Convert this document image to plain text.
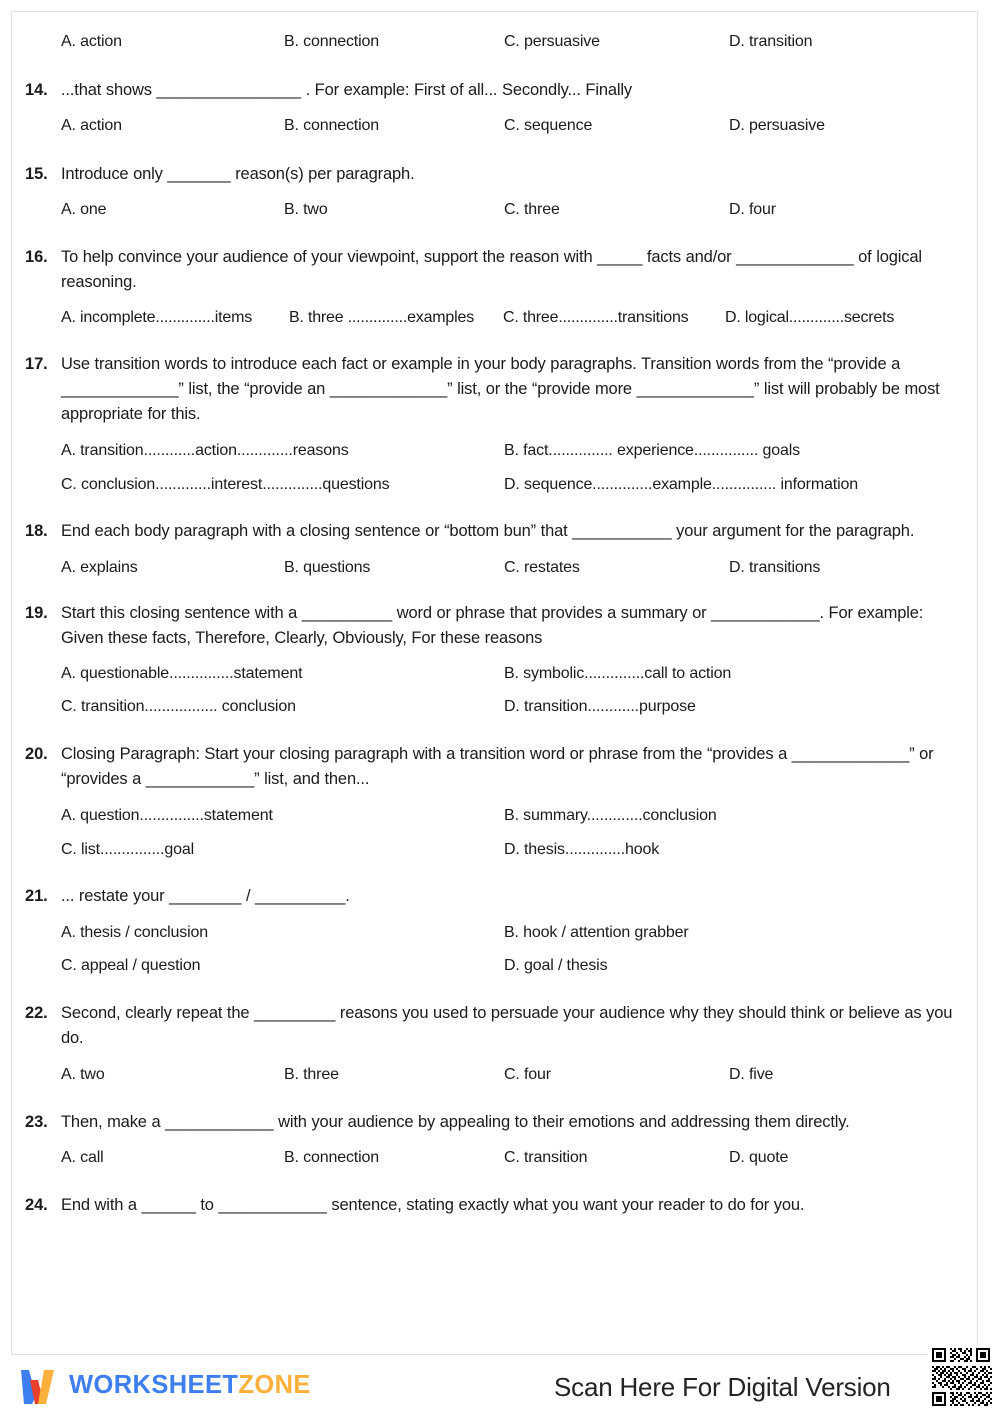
A. action	B. connection	C. persuasive	D. transition
14. ...that shows ________________ . For example: First of all... Secondly... Finally
A. action	B. connection	C. sequence	D. persuasive
15. Introduce only _______ reason(s) per paragraph.
A. one	B. two	C. three	D. four
16. To help convince your audience of your viewpoint, support the reason with _____ facts and/or _____________ of logical reasoning.
A. incomplete..............items	B. three ..............examples	C. three..............transitions	D. logical.............secrets
17. Use transition words to introduce each fact or example in your body paragraphs. Transition words from the “provide a _____________” list, the “provide an _____________” list, or the “provide more _____________” list will probably be most appropriate for this.
A. transition............action.............reasons	B. fact............... experience............... goals
C. conclusion.............interest..............questions	D. sequence..............example............... information
18. End each body paragraph with a closing sentence or “bottom bun” that ___________ your argument for the paragraph.
A. explains	B. questions	C. restates	D. transitions
19. Start this closing sentence with a __________ word or phrase that provides a summary or ____________. For example: Given these facts, Therefore, Clearly, Obviously, For these reasons
A. questionable...............statement	B. symbolic..............call to action
C. transition................. conclusion	D. transition............purpose
20. Closing Paragraph: Start your closing paragraph with a transition word or phrase from the “provides a _____________” or “provides a ____________” list, and then...
A. question...............statement	B. summary.............conclusion
C. list...............goal	D. thesis..............hook
21. ... restate your ________ / __________.
A. thesis / conclusion	B. hook / attention grabber
C. appeal / question	D. goal / thesis
22. Second, clearly repeat the _________ reasons you used to persuade your audience why they should think or believe as you do.
A. two	B. three	C. four	D. five
23. Then, make a ____________ with your audience by appealing to their emotions and addressing them directly.
A. call	B. connection	C. transition	D. quote
24. End with a ______ to ____________ sentence, stating exactly what you want your reader to do for you.
WORKSHEETZONE	Scan Here For Digital Version
